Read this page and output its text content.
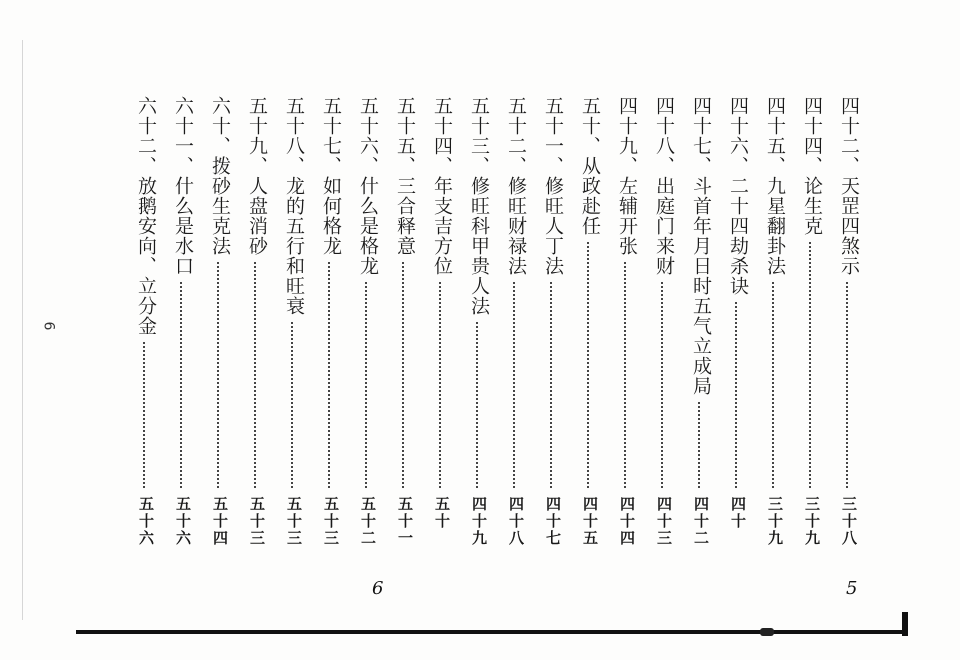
四十二、天罡四煞示
三十八
四十四、论生克
三十九
四十五、九星翻卦法
三十九
四十六、二十四劫杀诀
四十
四十七、斗首年月日时五气立成局
四十二
四十八、出庭门来财
四十三
四十九、左辅开张
四十四
五十、从政赴任
四十五
五十一、修旺人丁法
四十七
五十二、修旺财禄法
四十八
五十三、修旺科甲贵人法
四十九
五十四、年支吉方位
五十
五十五、三合释意
五十一
五十六、什么是格龙
五十二
五十七、如何格龙
五十三
五十八、龙的五行和旺衰
五十三
五十九、人盘消砂
五十三
六十、拨砂生克法
五十四
六十一、什么是水口
五十六
六十二、放鹅安向、立分金
五十六
6
6	5
